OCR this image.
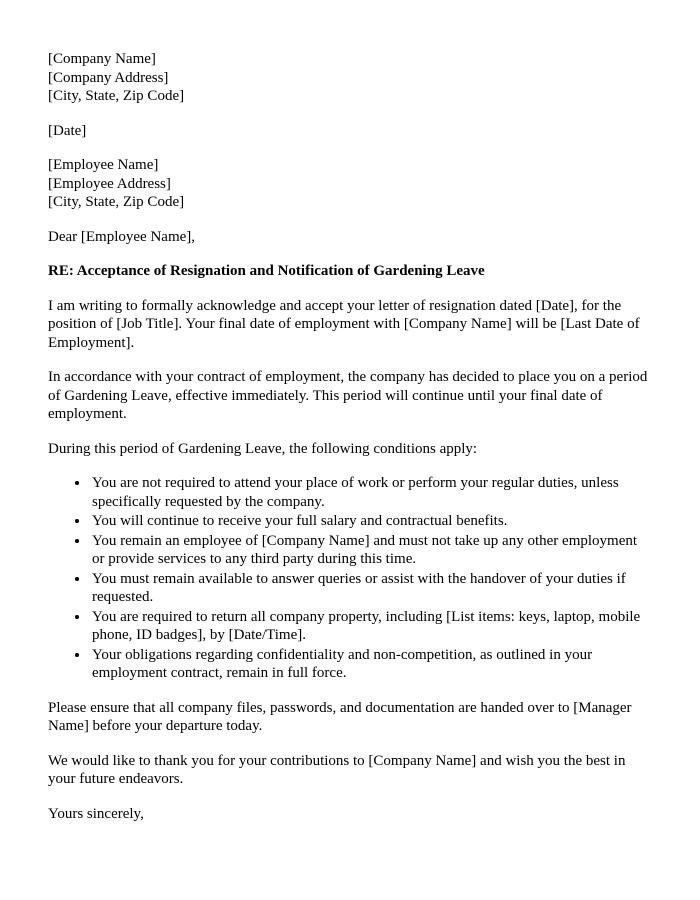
[Company Name]

[Company Address]

[City, State, Zip Code]

[Date]

[Employee Name]

[Employee Address]

[City, State, Zip Code]

Dear [Employee Name],

RE: Acceptance of Resignation and Notification of Gardening Leave

I am writing to formally acknowledge and accept your letter of resignation dated [Date], for the position of [Job Title]. Your final date of employment with [Company Name] will be [Last Date of Employment].

In accordance with your contract of employment, the company has decided to place you on a period of Gardening Leave, effective immediately. This period will continue until your final date of employment.

During this period of Gardening Leave, the following conditions apply:

• You are not required to attend your place of work or perform your regular duties, unless specifically requested by the company.
• You will continue to receive your full salary and contractual benefits.
• You remain an employee of [Company Name] and must not take up any other employment or provide services to any third party during this time.
• You must remain available to answer queries or assist with the handover of your duties if requested.
• You are required to return all company property, including [List items: keys, laptop, mobile phone, ID badges], by [Date/Time].
• Your obligations regarding confidentiality and non-competition, as outlined in your employment contract, remain in full force.

Please ensure that all company files, passwords, and documentation are handed over to [Manager Name] before your departure today.

We would like to thank you for your contributions to [Company Name] and wish you the best in your future endeavors.

Yours sincerely,
